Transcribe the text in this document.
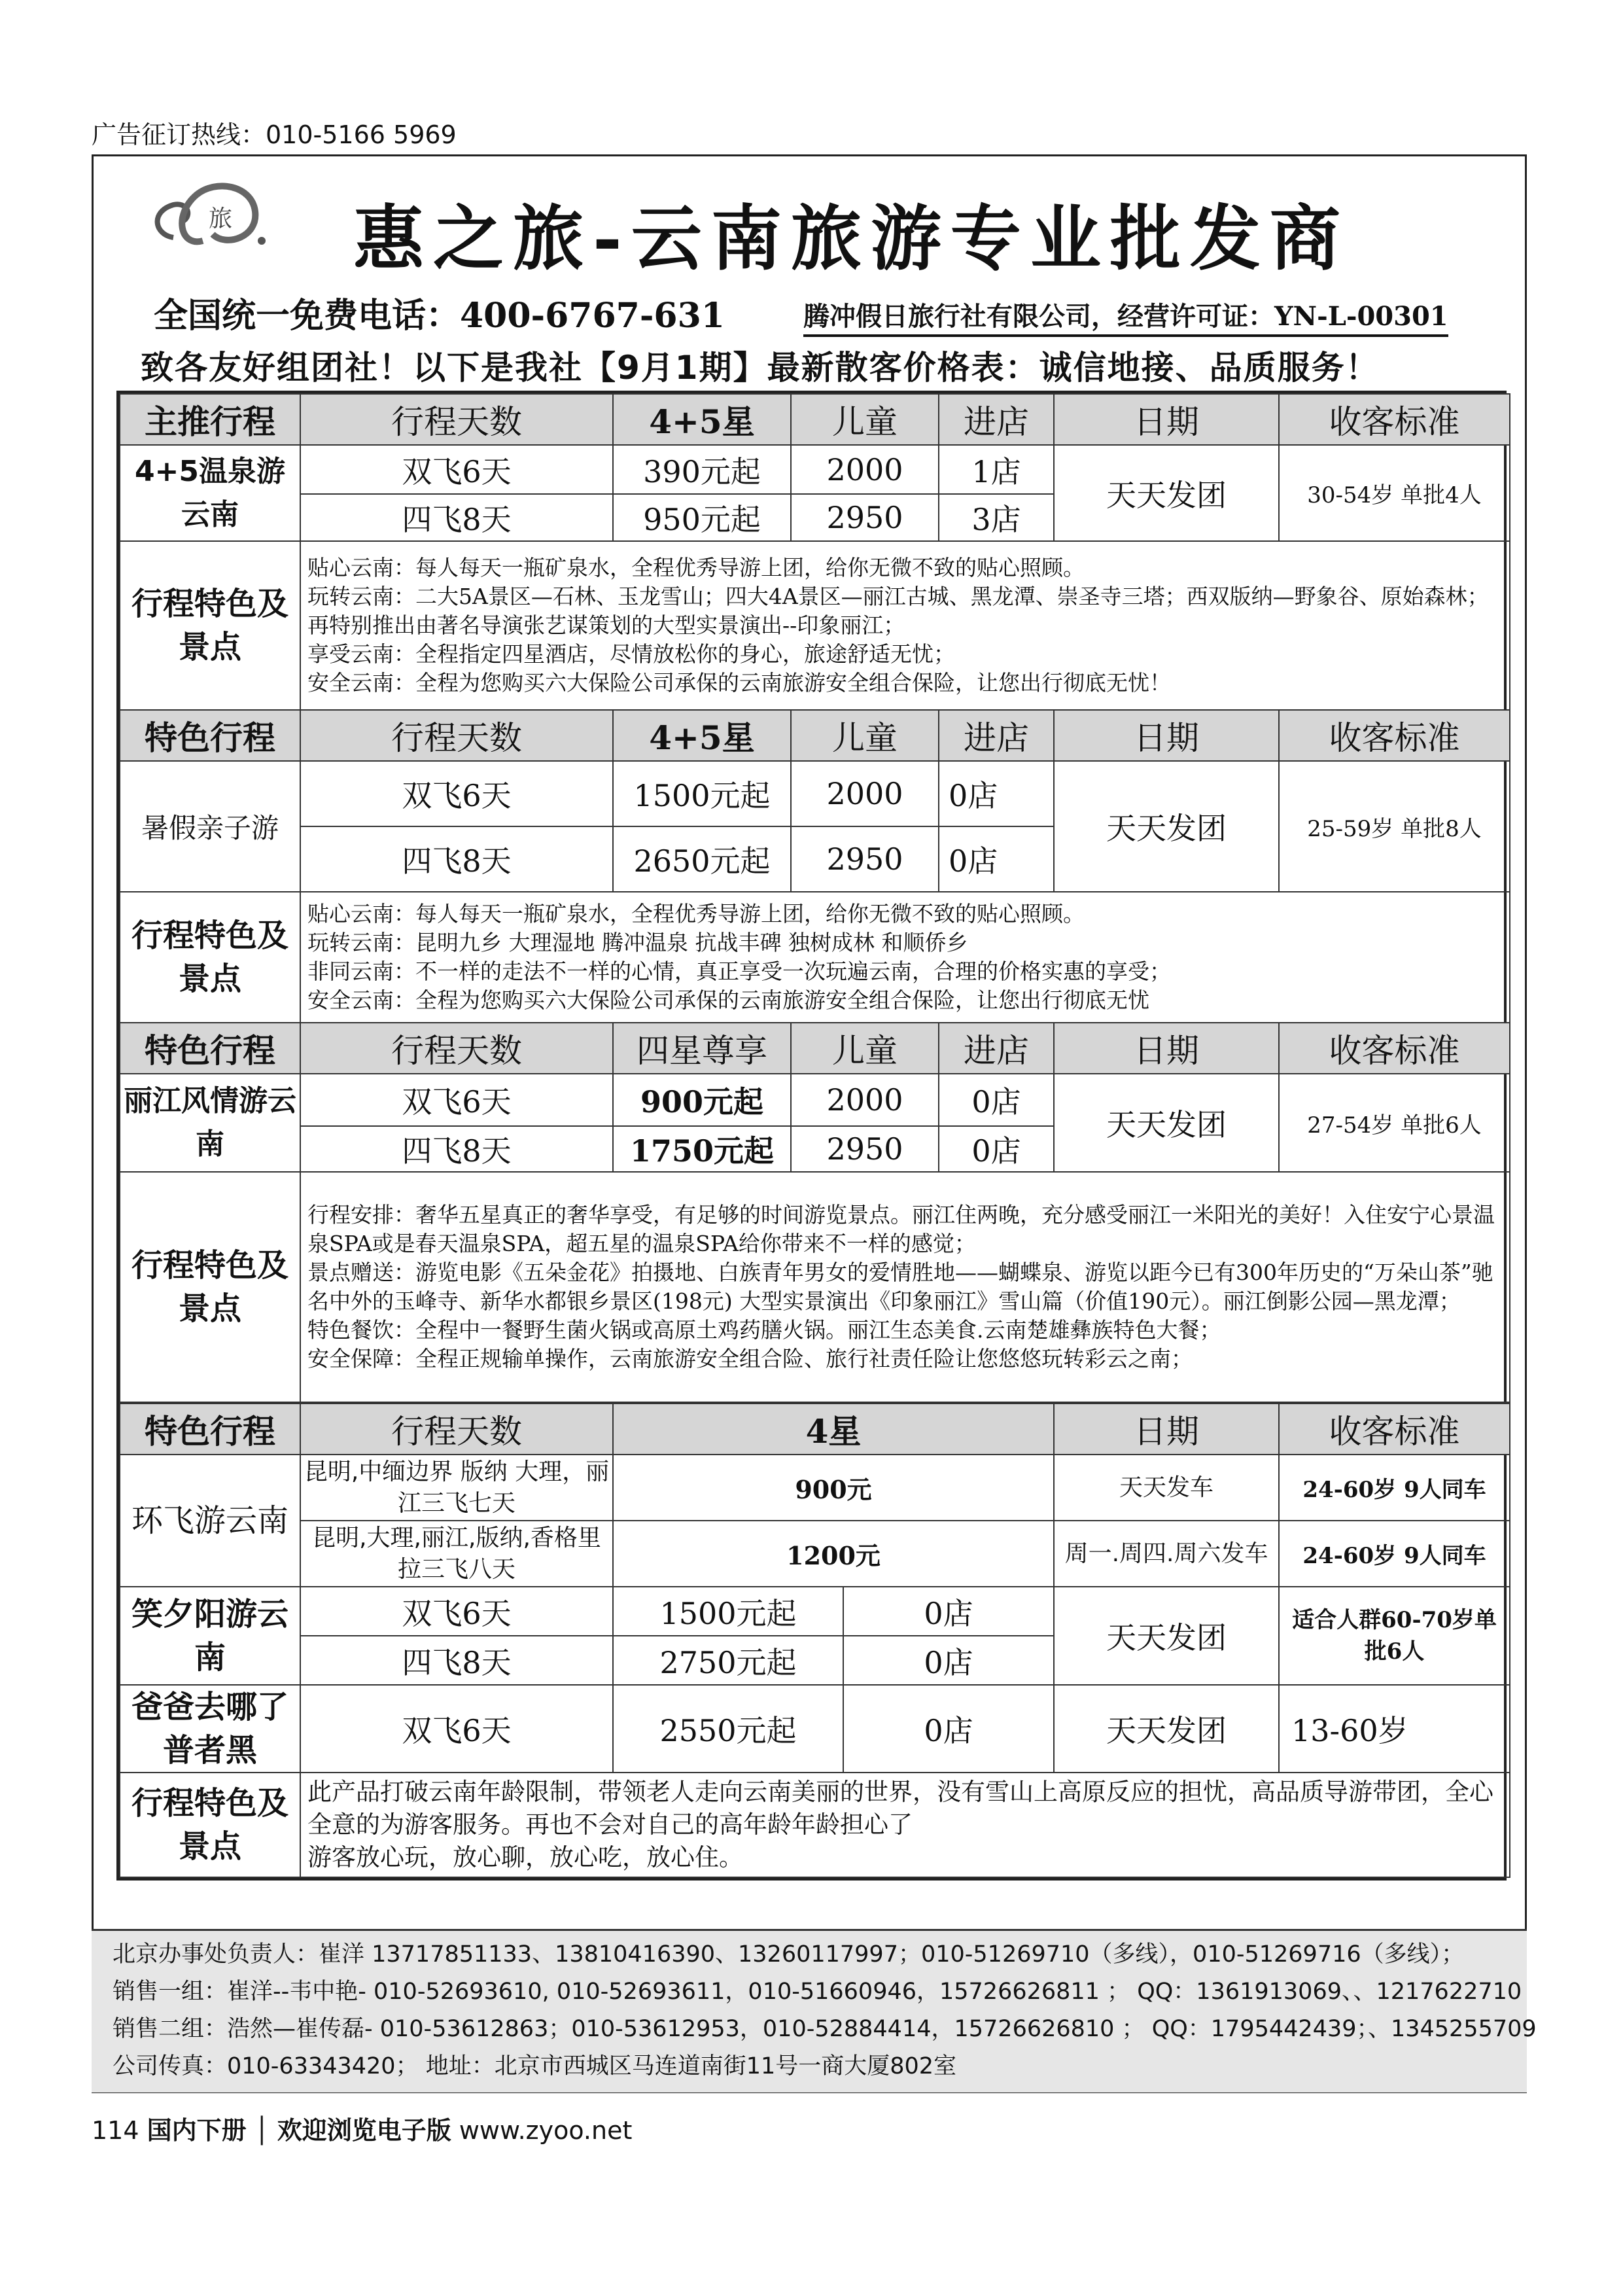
广告征订热线：010-5166 5969
旅 惠之旅-云南旅游专业批发商
全国统一免费电话：400-6767-631	腾冲假日旅行社有限公司，经营许可证：YN-L-00301
致各友好组团社！以下是我社【9月1期】最新散客价格表：诚信地接、品质服务！
主推行程	行程天数	4+5星	儿童	进店	日期	收客标准
4+5温泉游云南	双飞6天	390元起	2000	1店	天天发团	30-54岁 单批4人
	四飞8天	950元起	2950	3店		
行程特色及景点	贴心云南：每人每天一瓶矿泉水，全程优秀导游上团，给你无微不致的贴心照顾。
玩转云南：二大5A景区—石林、玉龙雪山；四大4A景区—丽江古城、黑龙潭、崇圣寺三塔；西双版纳—野象谷、原始森林；再特别推出由著名导演张艺谋策划的大型实景演出--印象丽江；
享受云南：全程指定四星酒店，尽情放松你的身心，旅途舒适无忧；
安全云南：全程为您购买六大保险公司承保的云南旅游安全组合保险，让您出行彻底无忧！					

特色行程	行程天数	4+5星	儿童	进店	日期	收客标准
暑假亲子游	双飞6天	1500元起	2000	0店	天天发团	25-59岁 单批8人
	四飞8天	2650元起	2950	0店		
行程特色及景点	贴心云南：每人每天一瓶矿泉水，全程优秀导游上团，给你无微不致的贴心照顾。
玩转云南：昆明九乡 大理湿地 腾冲温泉 抗战丰碑 独树成林 和顺侨乡
非同云南：不一样的走法不一样的心情，真正享受一次玩遍云南，合理的价格实惠的享受；
安全云南：全程为您购买六大保险公司承保的云南旅游安全组合保险，让您出行彻底无忧					

特色行程	行程天数	四星尊享	儿童	进店	日期	收客标准
丽江风情游云南	双飞6天	900元起	2000	0店	天天发团	27-54岁 单批6人
	四飞8天	1750元起	2950	0店		
行程特色及景点	行程安排：奢华五星真正的奢华享受，有足够的时间游览景点。丽江住两晚，充分感受丽江一米阳光的美好！入住安宁心景温泉SPA或是春天温泉SPA，超五星的温泉SPA给你带来不一样的感觉；
景点赠送：游览电影《五朵金花》拍摄地、白族青年男女的爱情胜地——蝴蝶泉、游览以距今已有300年历史的“万朵山茶”驰名中外的玉峰寺、新华水都银乡景区(198元) 大型实景演出《印象丽江》雪山篇（价值190元）。丽江倒影公园—黑龙潭；
特色餐饮：全程中一餐野生菌火锅或高原土鸡药膳火锅。丽江生态美食.云南楚雄彝族特色大餐；
安全保障：全程正规输单操作，云南旅游安全组合险、旅行社责任险让您悠悠玩转彩云之南；					
特色行程	行程天数	4星		日期	收客标准
环飞游云南	昆明,中缅边界 版纳 大理，丽江三飞七天	900元		天天发车	24-60岁 9人同车
	昆明,大理,丽江,版纳,香格里拉三飞八天	1200元		周一.周四.周六发车	24-60岁 9人同车
笑夕阳游云南	双飞6天	1500元起	0店	天天发团	适合人群60-70岁单批6人
	四飞8天	2750元起	0店		
爸爸去哪了普者黑	双飞6天	2550元起	0店	天天发团	13-60岁
行程特色及景点	此产品打破云南年龄限制，带领老人走向云南美丽的世界，没有雪山上高原反应的担忧，高品质导游带团，全心全意的为游客服务。再也不会对自己的高年龄年龄担心了
游客放心玩，放心聊，放心吃，放心住。				
北京办事处负责人：崔洋 13717851133、13810416390、13260117997；010-51269710（多线），010-51269716（多线）；
销售一组：崔洋--韦中艳- 010-52693610, 010-52693611，010-51660946，15726626811 ； QQ：1361913069、、1217622710
销售二组：浩然—崔传磊- 010-53612863；010-53612953，010-52884414，15726626810 ； QQ：1795442439；、1345255709
公司传真：010-63343420； 地址：北京市西城区马连道南街11号一商大厦802室
114 国内下册 │ 欢迎浏览电子版 www.zyoo.net
